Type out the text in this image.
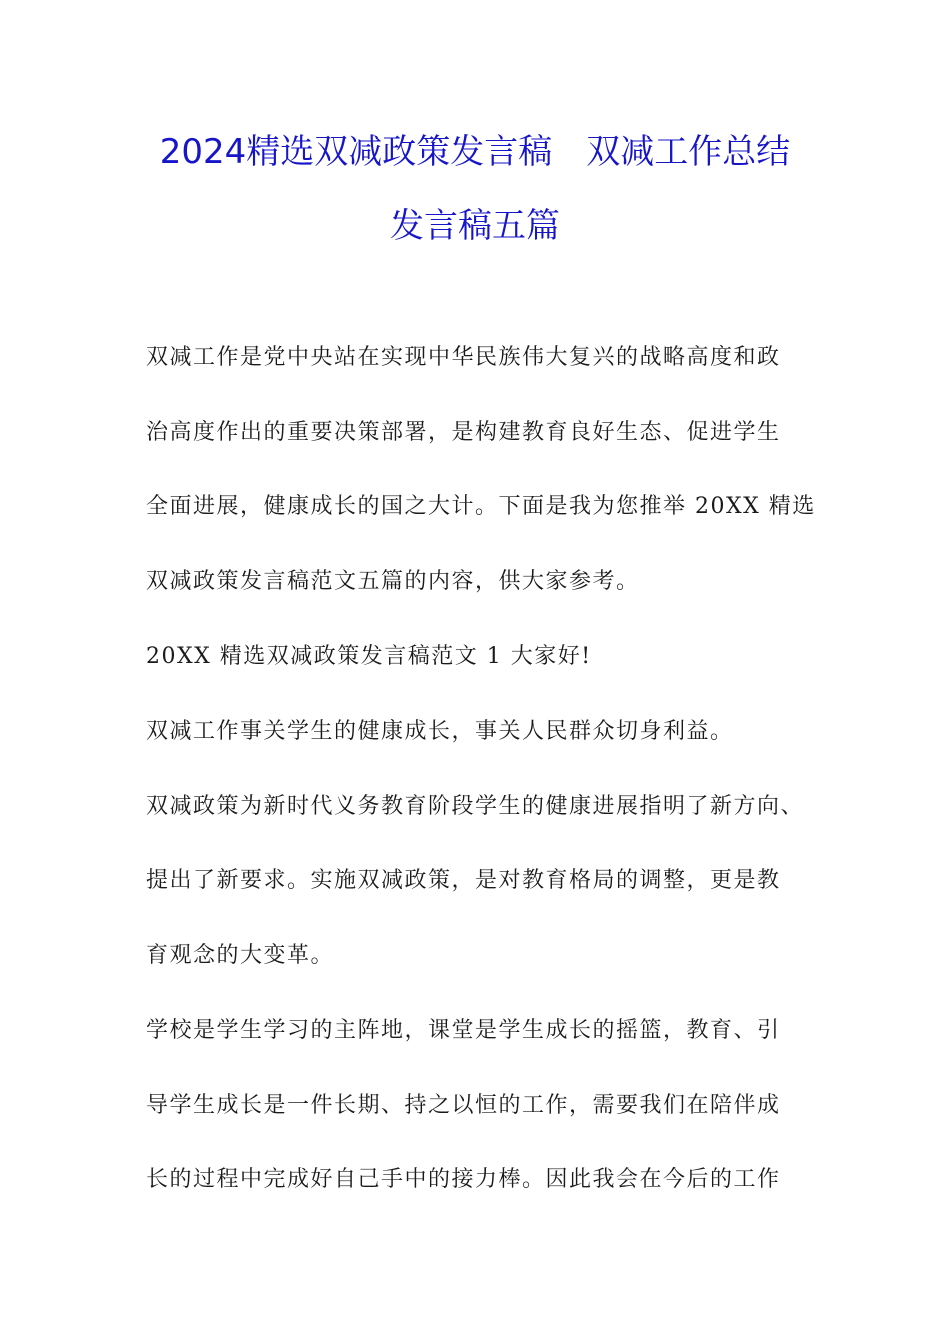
2024精选双减政策发言稿　双减工作总结
发言稿五篇
双减工作是党中央站在实现中华民族伟大复兴的战略高度和政
治高度作出的重要决策部署，是构建教育良好生态、促进学生
全面进展，健康成长的国之大计。下面是我为您推举 20XX 精选
双减政策发言稿范文五篇的内容，供大家参考。
20XX 精选双减政策发言稿范文 1 大家好!
双减工作事关学生的健康成长，事关人民群众切身利益。
双减政策为新时代义务教育阶段学生的健康进展指明了新方向、
提出了新要求。实施双减政策，是对教育格局的调整，更是教
育观念的大变革。
学校是学生学习的主阵地，课堂是学生成长的摇篮，教育、引
导学生成长是一件长期、持之以恒的工作，需要我们在陪伴成
长的过程中完成好自己手中的接力棒。因此我会在今后的工作
